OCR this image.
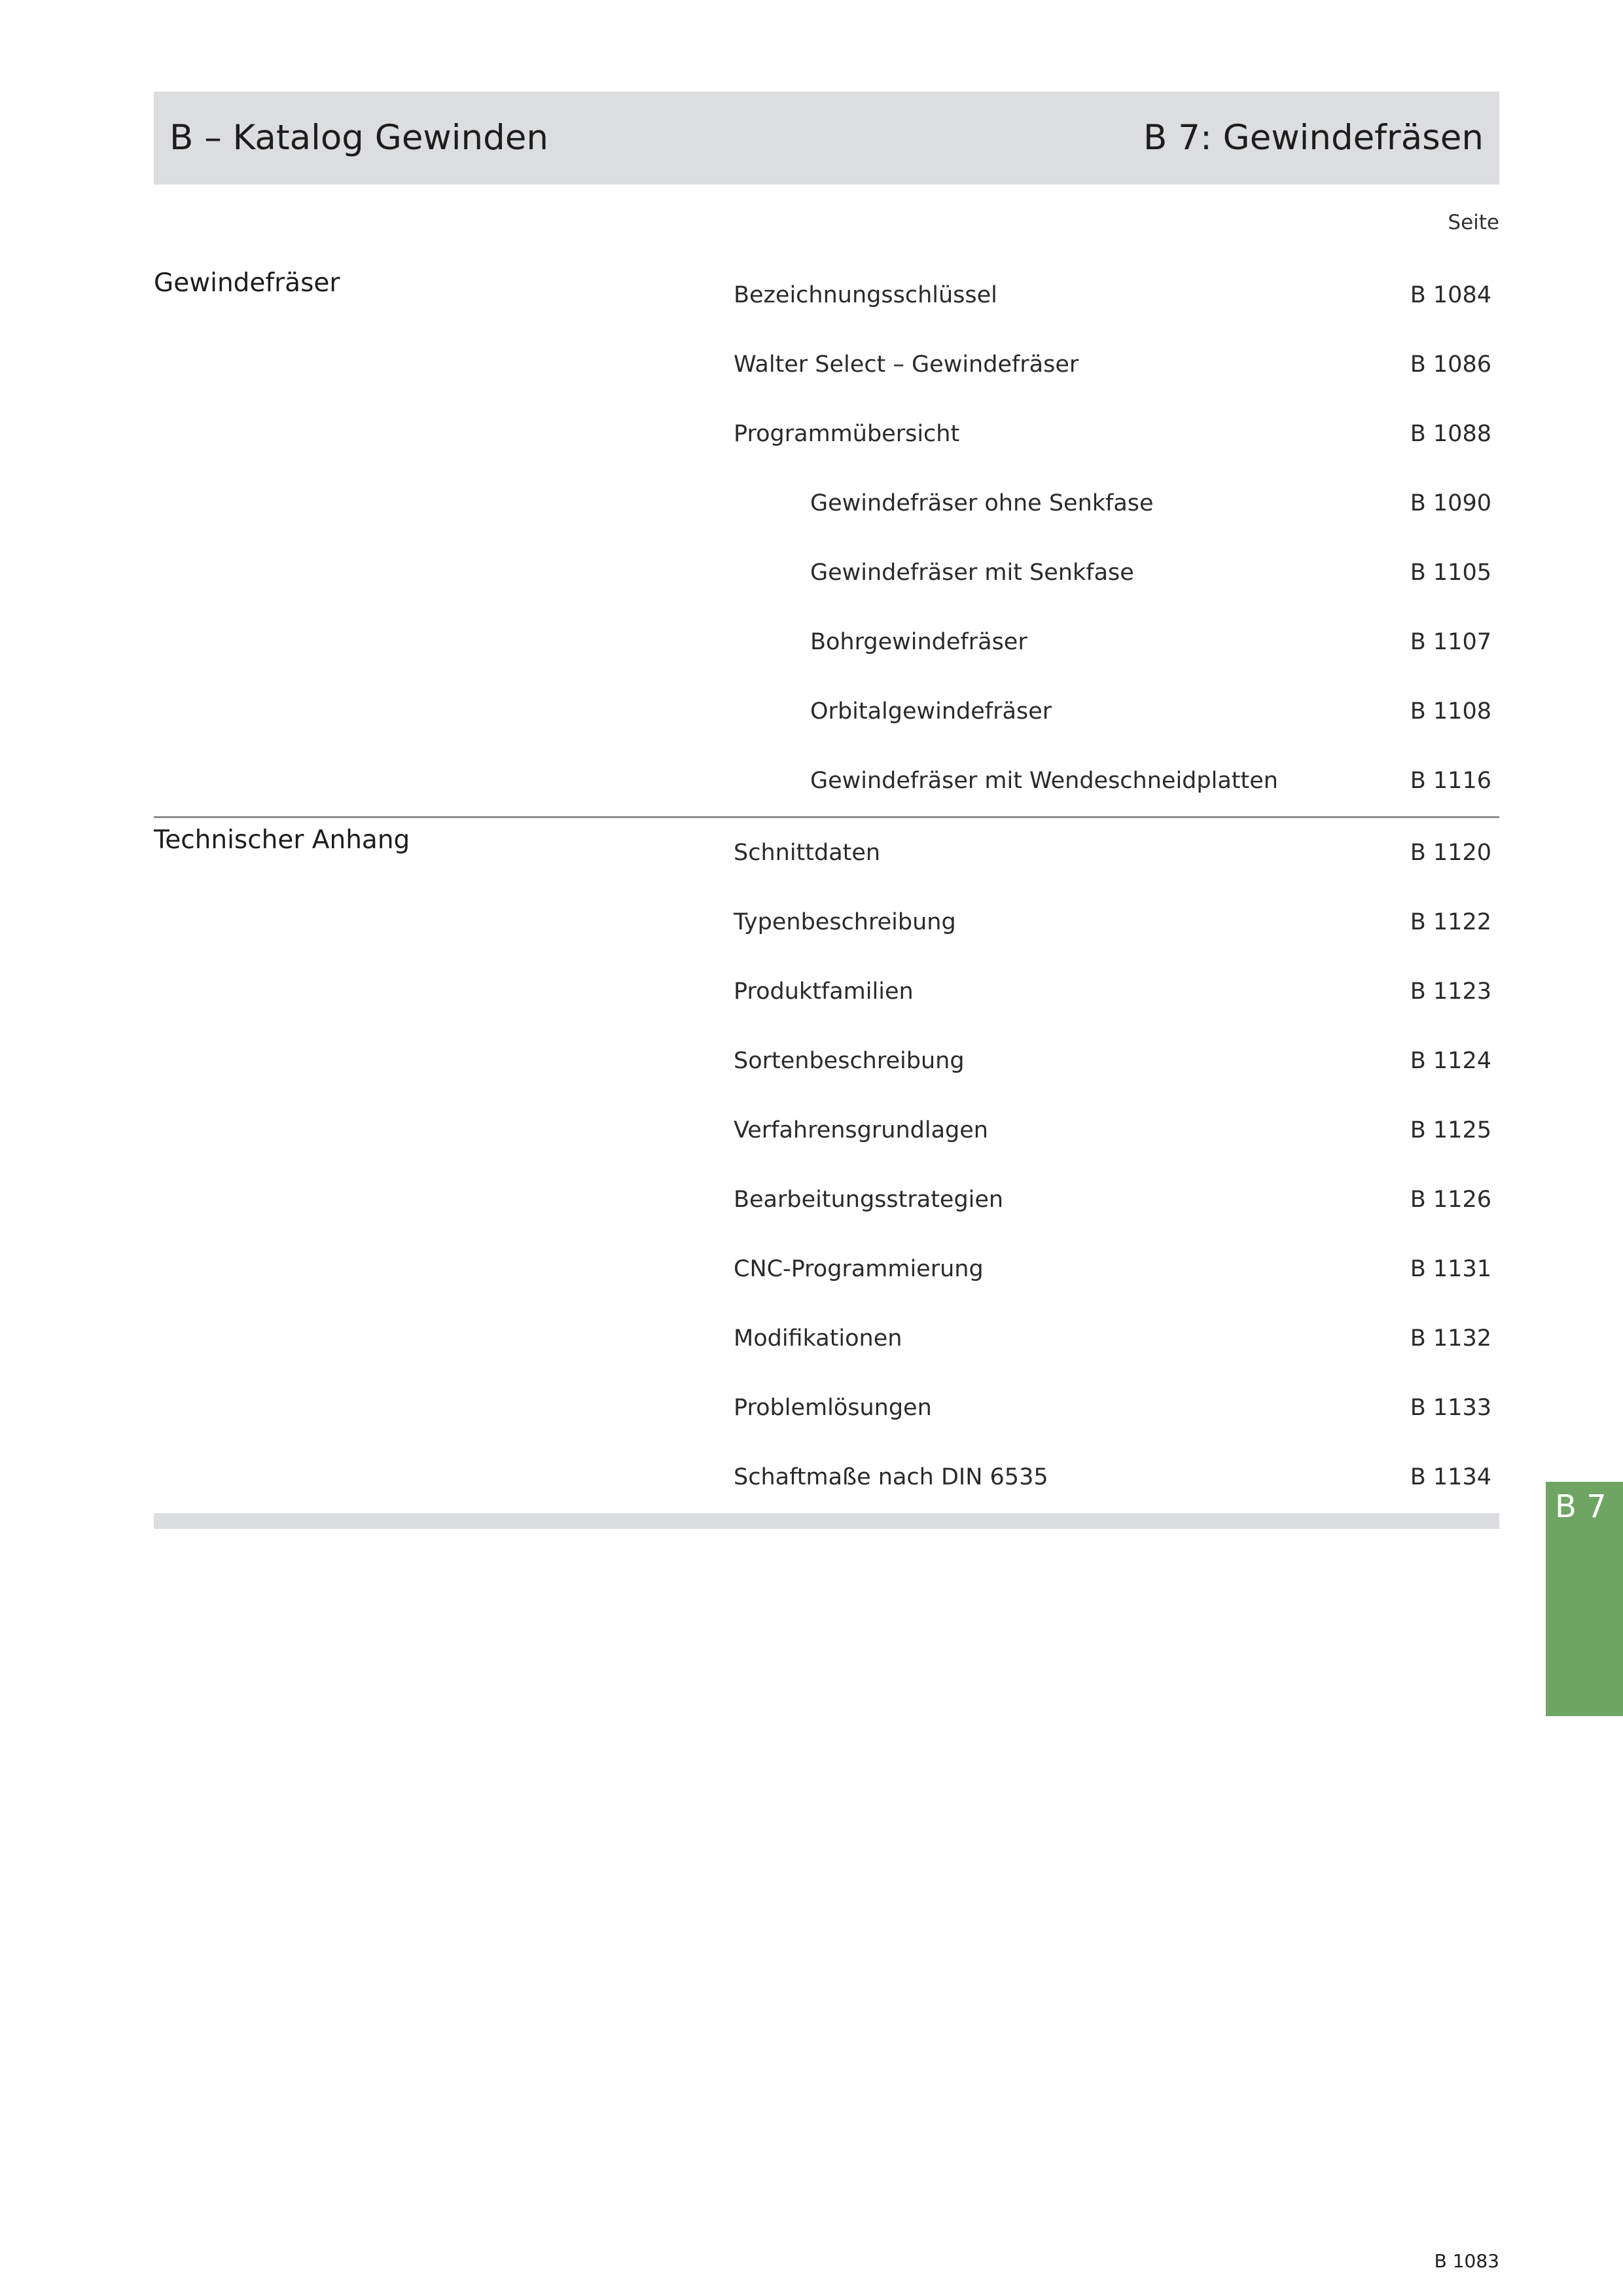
B – Katalog Gewinden	B 7: Gewindefräsen
Seite
Gewindefräser	Bezeichnungsschlüssel	B 1084
Walter Select – Gewindefräser	B 1086
Programmübersicht	B 1088
Gewindefräser ohne Senkfase	B 1090
Gewindefräser mit Senkfase	B 1105
Bohrgewindefräser	B 1107
Orbitalgewindefräser	B 1108
Gewindefräser mit Wendeschneidplatten	B 1116
Technischer Anhang	Schnittdaten	B 1120
Typenbeschreibung	B 1122
Produktfamilien	B 1123
Sortenbeschreibung	B 1124
Verfahrensgrundlagen	B 1125
Bearbeitungsstrategien	B 1126
CNC-Programmierung	B 1131
Modifikationen	B 1132
Problemlösungen	B 1133
Schaftmaße nach DIN 6535	B 1134
B 7
B 1083
